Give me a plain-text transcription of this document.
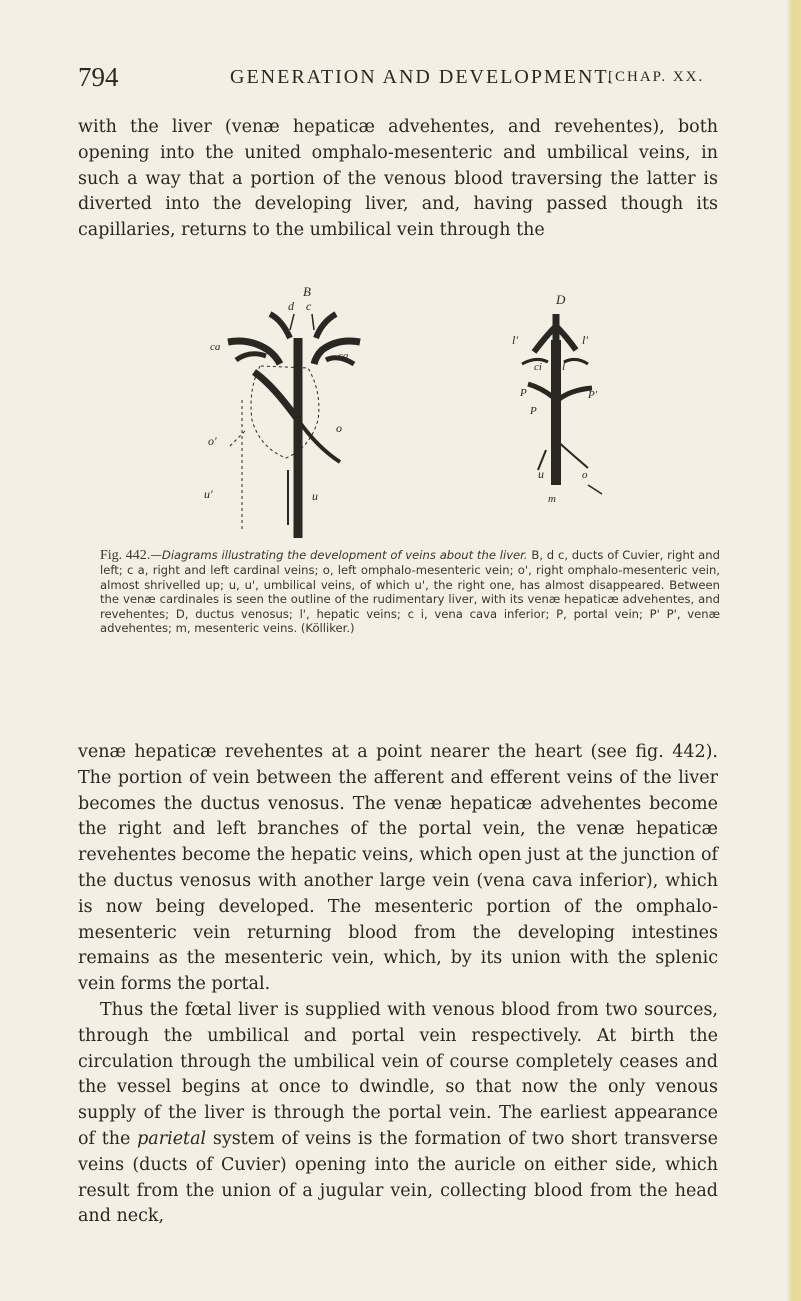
794	GENERATION AND DEVELOPMENT.
[CHAP. XX.

with the liver (venæ hepaticæ advehentes, and revehentes), both opening into the united omphalo-mesenteric and umbilical veins, in such a way that a portion of the venous blood traversing the latter is diverted into the developing liver, and, having passed though its capillaries, returns to the umbilical vein through the

B
d c
ca
ca
o'
o
u'	u
D
l'	l'
ci l
P	P'
P
u	o
m
Fig. 442.—Diagrams illustrating the development of veins about the liver. B, d c, ducts of Cuvier, right and left; c a, right and left cardinal veins; o, left omphalo-mesenteric vein; o', right omphalo-mesenteric vein, almost shrivelled up; u, u', umbilical veins, of which u', the right one, has almost disappeared. Between the venæ cardinales is seen the outline of the rudimentary liver, with its venæ hepaticæ advehentes, and revehentes; D, ductus venosus; l', hepatic veins; c i, vena cava inferior; P, portal vein; P' P', venæ advehentes; m, mesenteric veins. (Kölliker.)

venæ hepaticæ revehentes at a point nearer the heart (see fig. 442). The portion of vein between the afferent and efferent veins of the liver becomes the ductus venosus. The venæ hepaticæ advehentes become the right and left branches of the portal vein, the venæ hepaticæ revehentes become the hepatic veins, which open just at the junction of the ductus venosus with another large vein (vena cava inferior), which is now being developed. The mesenteric portion of the omphalo-mesenteric vein returning blood from the developing intestines remains as the mesenteric vein, which, by its union with the splenic vein forms the portal.

Thus the fœtal liver is supplied with venous blood from two sources, through the umbilical and portal vein respectively. At birth the circulation through the umbilical vein of course completely ceases and the vessel begins at once to dwindle, so that now the only venous supply of the liver is through the portal vein. The earliest appearance of the parietal system of veins is the formation of two short transverse veins (ducts of Cuvier) opening into the auricle on either side, which result from the union of a jugular vein, collecting blood from the head and neck,
